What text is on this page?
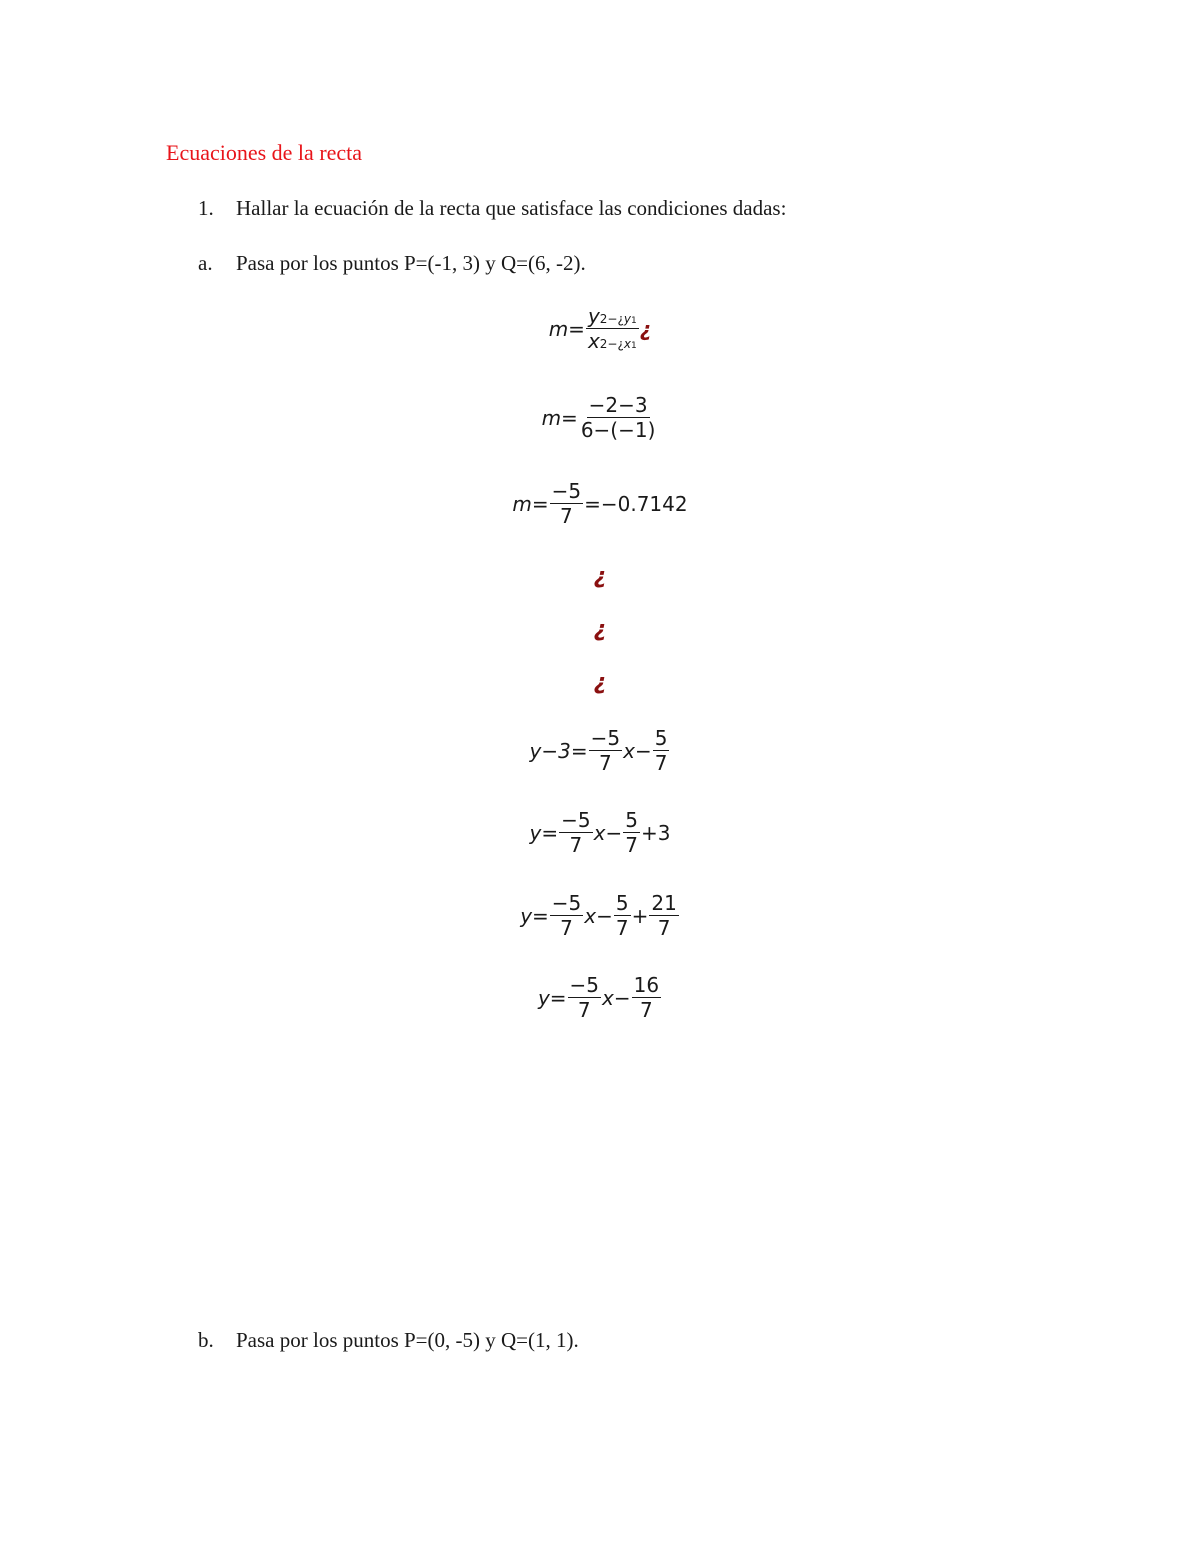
Ecuaciones de la recta
1. Hallar la ecuación de la recta que satisface las condiciones dadas:
a. Pasa por los puntos P=(-1, 3) y Q=(6, -2).
$m= \frac{y2-¿y1}{x2-¿x1}$ ¿
$m= \frac{-2-3}{6-(-1)}$
$m= \frac{-5}{7} =-0.7142$
¿
¿
¿
$y-3= \frac{-5}{7} x- \frac{5}{7}$
$y= \frac{-5}{7} x- \frac{5}{7} +3$
$y= \frac{-5}{7} x- \frac{5}{7} + \frac{21}{7}$
$y= \frac{-5}{7} x- \frac{16}{7}$
b. Pasa por los puntos P=(0, -5) y Q=(1, 1).
